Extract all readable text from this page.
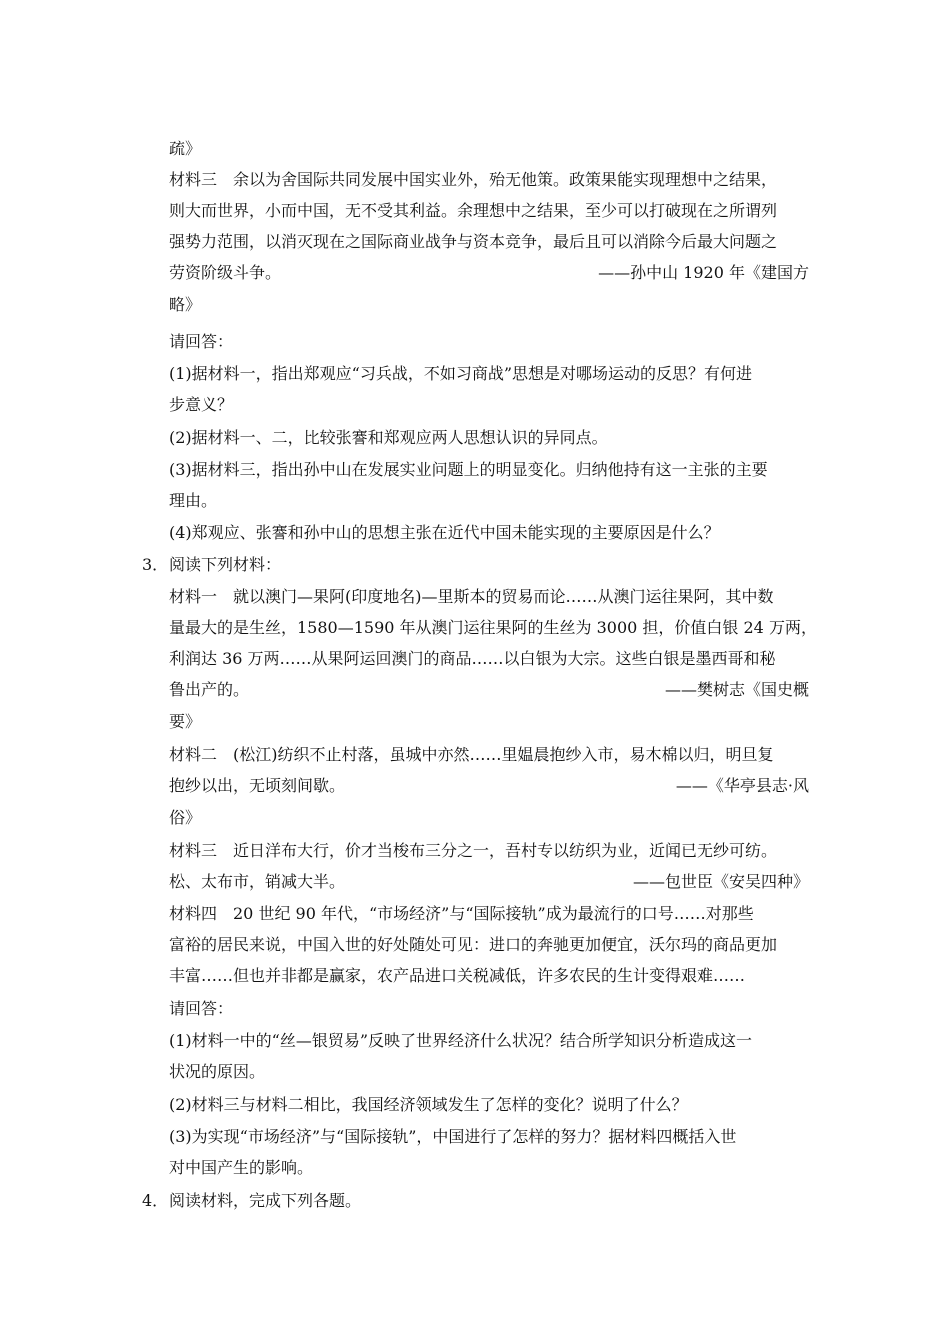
疏》
材料三　余以为舍国际共同发展中国实业外，殆无他策。政策果能实现理想中之结果，
则大而世界，小而中国，无不受其利益。余理想中之结果，至少可以打破现在之所谓列
强势力范围，以消灭现在之国际商业战争与资本竞争，最后且可以消除今后最大问题之
劳资阶级斗争。	——孙中山 1920 年《建国方
略》
请回答：
(1)据材料一，指出郑观应“习兵战，不如习商战”思想是对哪场运动的反思？有何进
步意义？
(2)据材料一、二，比较张謇和郑观应两人思想认识的异同点。
(3)据材料三，指出孙中山在发展实业问题上的明显变化。归纳他持有这一主张的主要
理由。
(4)郑观应、张謇和孙中山的思想主张在近代中国未能实现的主要原因是什么？
3． 阅读下列材料：
材料一　就以澳门—果阿(印度地名)—里斯本的贸易而论……从澳门运往果阿，其中数
量最大的是生丝，1580—1590 年从澳门运往果阿的生丝为 3000 担，价值白银 24 万两，
利润达 36 万两……从果阿运回澳门的商品……以白银为大宗。这些白银是墨西哥和秘
鲁出产的。	——樊树志《国史概
要》
材料二　(松江)纺织不止村落，虽城中亦然……里媪晨抱纱入市，易木棉以归，明旦复
抱纱以出，无顷刻间歇。	——《华亭县志·风
俗》
材料三　近日洋布大行，价才当梭布三分之一，吾村专以纺织为业，近闻已无纱可纺。
松、太布市，销减大半。	——包世臣《安吴四种》
材料四　20 世纪 90 年代，“市场经济”与“国际接轨”成为最流行的口号……对那些
富裕的居民来说，中国入世的好处随处可见：进口的奔驰更加便宜，沃尔玛的商品更加
丰富……但也并非都是赢家，农产品进口关税减低，许多农民的生计变得艰难……
请回答：
(1)材料一中的“丝—银贸易”反映了世界经济什么状况？结合所学知识分析造成这一
状况的原因。
(2)材料三与材料二相比，我国经济领域发生了怎样的变化？说明了什么？
(3)为实现“市场经济”与“国际接轨”，中国进行了怎样的努力？据材料四概括入世
对中国产生的影响。
4． 阅读材料，完成下列各题。
